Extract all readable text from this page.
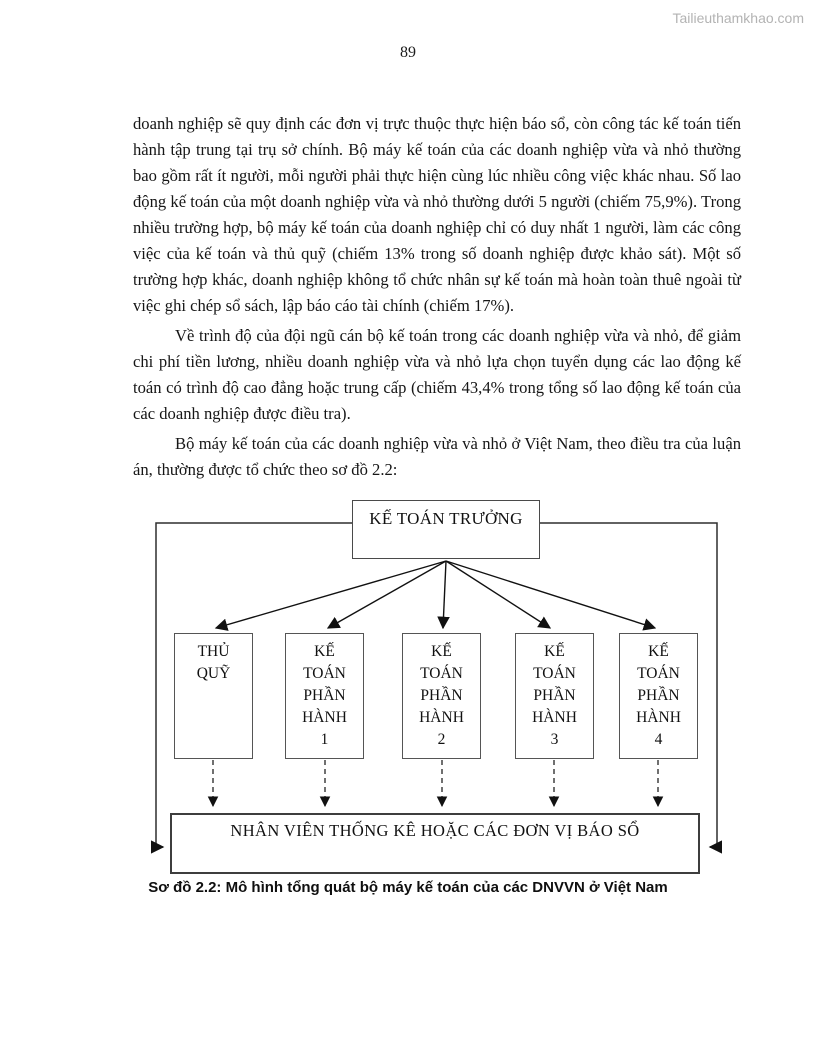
Tailieuthamkhao.com
89

doanh nghiệp sẽ quy định các đơn vị trực thuộc thực hiện báo sổ, còn công tác kế toán tiến hành tập trung tại trụ sở chính. Bộ máy kế toán của các doanh nghiệp vừa và nhỏ thường bao gồm rất ít người, mỗi người phải thực hiện cùng lúc nhiều công việc khác nhau. Số lao động kế toán của một doanh nghiệp vừa và nhỏ thường dưới 5 người (chiếm 75,9%). Trong nhiều trường hợp, bộ máy kế toán của doanh nghiệp chỉ có duy nhất 1 người, làm các công việc của kế toán và thủ quỹ (chiếm 13% trong số doanh nghiệp được khảo sát). Một số trường hợp khác, doanh nghiệp không tổ chức nhân sự kế toán mà hoàn toàn thuê ngoài từ việc ghi chép sổ sách, lập báo cáo tài chính (chiếm 17%).

Về trình độ của đội ngũ cán bộ kế toán trong các doanh nghiệp vừa và nhỏ, để giảm chi phí tiền lương, nhiều doanh nghiệp vừa và nhỏ lựa chọn tuyển dụng các lao động kế toán có trình độ cao đẳng hoặc trung cấp (chiếm 43,4% trong tổng số lao động kế toán của các doanh nghiệp được điều tra).

Bộ máy kế toán của các doanh nghiệp vừa và nhỏ ở Việt Nam, theo điều tra của luận án, thường được tổ chức theo sơ đồ 2.2:

KẾ TOÁN TRƯỞNG
THỦ QUỸ
KẾ TOÁN PHẦN HÀNH 1
KẾ TOÁN PHẦN HÀNH 2
KẾ TOÁN PHẦN HÀNH 3
KẾ TOÁN PHẦN HÀNH 4
NHÂN VIÊN THỐNG KÊ HOẶC CÁC ĐƠN VỊ BÁO SỔ
Sơ đồ 2.2: Mô hình tổng quát bộ máy kế toán của các DNVVN ở Việt Nam
